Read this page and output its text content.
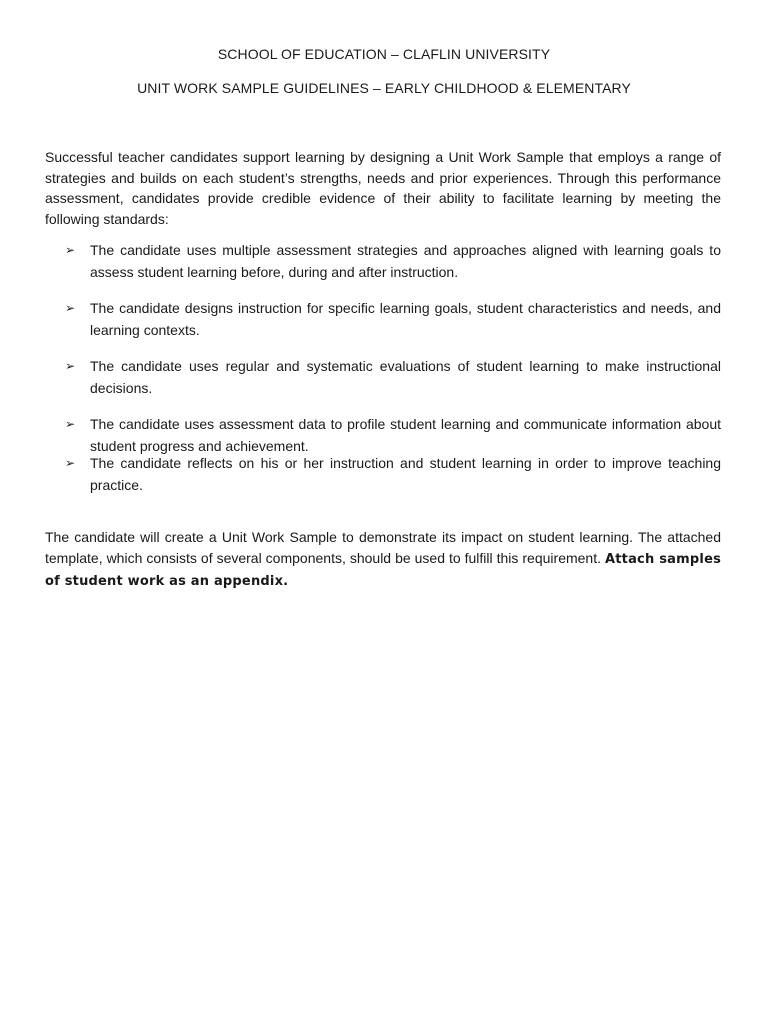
SCHOOL OF EDUCATION – CLAFLIN UNIVERSITY
UNIT WORK SAMPLE GUIDELINES – EARLY CHILDHOOD & ELEMENTARY

Successful teacher candidates support learning by designing a Unit Work Sample that employs a range of strategies and builds on each student’s strengths, needs and prior experiences. Through this performance assessment, candidates provide credible evidence of their ability to facilitate learning by meeting the following standards:

➢ The candidate uses multiple assessment strategies and approaches aligned with learning goals to assess student learning before, during and after instruction.
➢ The candidate designs instruction for specific learning goals, student characteristics and needs, and learning contexts.
➢ The candidate uses regular and systematic evaluations of student learning to make instructional decisions.
➢ The candidate uses assessment data to profile student learning and communicate information about student progress and achievement.
➢ The candidate reflects on his or her instruction and student learning in order to improve teaching practice.

The candidate will create a Unit Work Sample to demonstrate its impact on student learning. The attached template, which consists of several components, should be used to fulfill this requirement. Attach samples of student work as an appendix.
